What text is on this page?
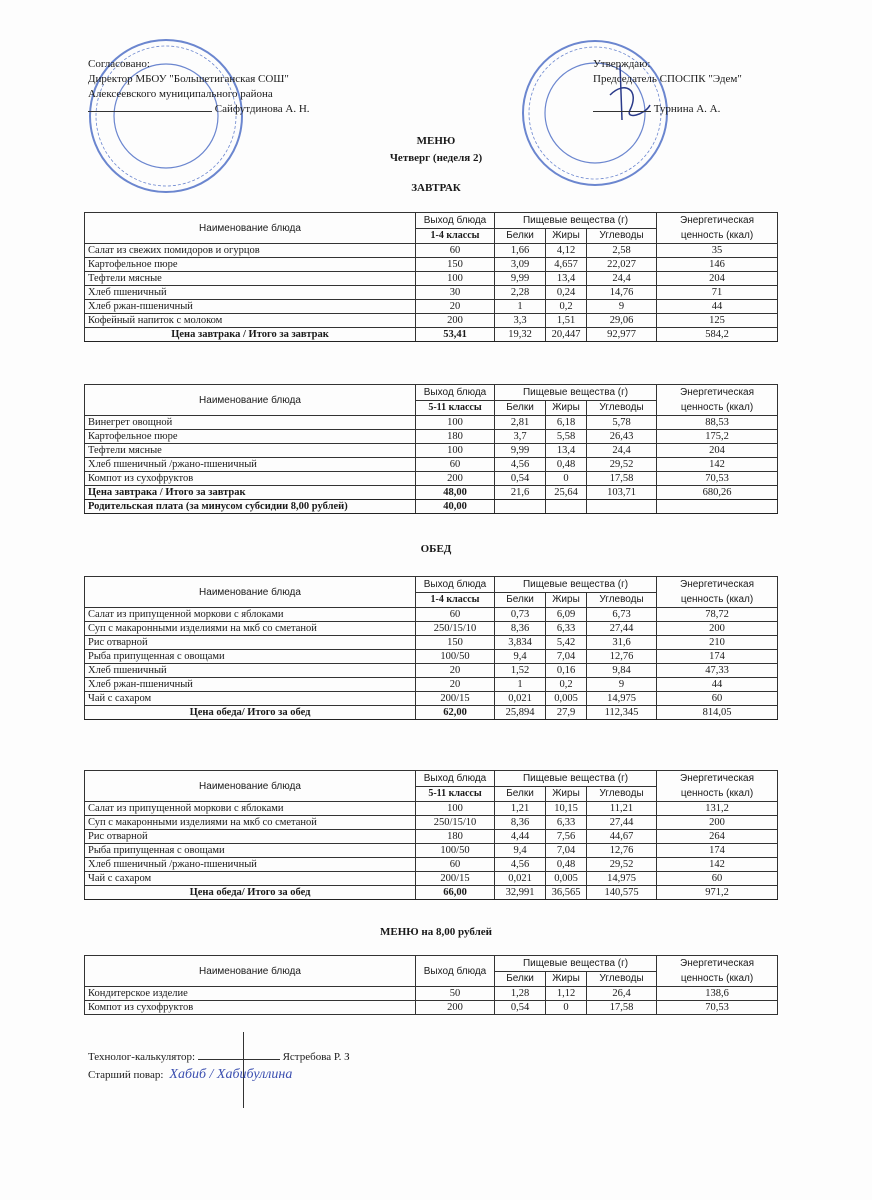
Согласовано:
Директор МБОУ "Большетиганская СОШ"
Алексеевского муниципального района
Сайфутдинова А. Н.
Утверждаю:
Председатель СПОСПК "Эдем"
Турнина А. А.
МЕНЮ
Четверг (неделя 2)
ЗАВТРАК
ОБЕД
МЕНЮ на 8,00 рублей
Наименование блюда	Выход блюда	Пищевые вещества (г)			Энергетическая ценность (ккал)
	1-4 классы	Белки	Жиры	Углеводы	
Салат из свежих помидоров и огурцов	60	1,66	4,12	2,58	35
Картофельное пюре	150	3,09	4,657	22,027	146
Тефтели мясные	100	9,99	13,4	24,4	204
Хлеб пшеничный	30	2,28	0,24	14,76	71
Хлеб ржан-пшеничный	20	1	0,2	9	44
Кофейный напиток с молоком	200	3,3	1,51	29,06	125
Цена завтрака / Итого за завтрак	53,41	19,32	20,447	92,977	584,2
Наименование блюда	Выход блюда	Пищевые вещества (г)			Энергетическая ценность (ккал)
	5-11 классы	Белки	Жиры	Углеводы	
Винегрет овощной	100	2,81	6,18	5,78	88,53
Картофельное пюре	180	3,7	5,58	26,43	175,2
Тефтели мясные	100	9,99	13,4	24,4	204
Хлеб пшеничный /ржано-пшеничный	60	4,56	0,48	29,52	142
Компот из сухофруктов	200	0,54	0	17,58	70,53
Цена завтрака / Итого за завтрак	48,00	21,6	25,64	103,71	680,26
Родительская плата (за минусом субсидии 8,00 рублей)	40,00				
Наименование блюда	Выход блюда	Пищевые вещества (г)			Энергетическая ценность (ккал)
	1-4 классы	Белки	Жиры	Углеводы	
Салат из припущенной моркови с яблоками	60	0,73	6,09	6,73	78,72
Суп с макаронными изделиями на мкб со сметаной	250/15/10	8,36	6,33	27,44	200
Рис отварной	150	3,834	5,42	31,6	210
Рыба припущенная с овощами	100/50	9,4	7,04	12,76	174
Хлеб пшеничный	20	1,52	0,16	9,84	47,33
Хлеб ржан-пшеничный	20	1	0,2	9	44
Чай с сахаром	200/15	0,021	0,005	14,975	60
Цена обеда/ Итого за обед	62,00	25,894	27,9	112,345	814,05
Наименование блюда	Выход блюда	Пищевые вещества (г)			Энергетическая ценность (ккал)
	5-11 классы	Белки	Жиры	Углеводы	
Салат из припущенной моркови с яблоками	100	1,21	10,15	11,21	131,2
Суп с макаронными изделиями на мкб со сметаной	250/15/10	8,36	6,33	27,44	200
Рис отварной	180	4,44	7,56	44,67	264
Рыба припущенная с овощами	100/50	9,4	7,04	12,76	174
Хлеб пшеничный /ржано-пшеничный	60	4,56	0,48	29,52	142
Чай с сахаром	200/15	0,021	0,005	14,975	60
Цена обеда/ Итого за обед	66,00	32,991	36,565	140,575	971,2
Наименование блюда	Выход блюда	Пищевые вещества (г)			Энергетическая ценность (ккал)
		Белки	Жиры	Углеводы	
Кондитерское изделие	50	1,28	1,12	26,4	138,6
Компот из сухофруктов	200	0,54	0	17,58	70,53
Технолог-калькулятор:	Ястребова Р. З
Старший повар: Хабиб / Хабибуллина
